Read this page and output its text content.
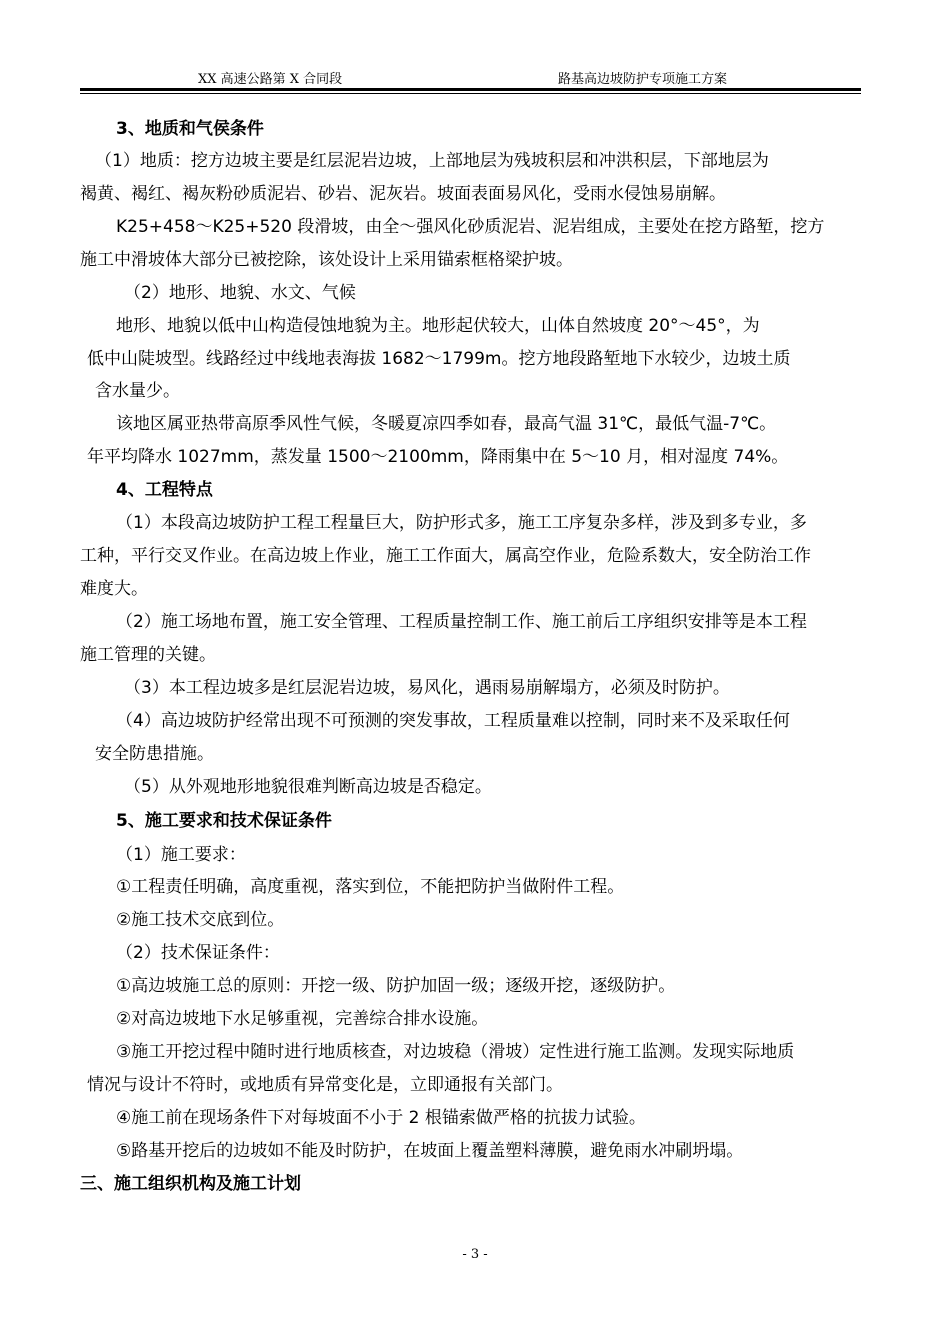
XX 高速公路第 X 合同段	路基高边坡防护专项施工方案
3、地质和气侯条件
（1）地质：挖方边坡主要是红层泥岩边坡，上部地层为残坡积层和冲洪积层，下部地层为
褐黄、褐红、褐灰粉砂质泥岩、砂岩、泥灰岩。坡面表面易风化，受雨水侵蚀易崩解。
K25+458～K25+520 段滑坡，由全～强风化砂质泥岩、泥岩组成，主要处在挖方路堑，挖方
施工中滑坡体大部分已被挖除，该处设计上采用锚索框格梁护坡。
（2）地形、地貌、水文、气候
地形、地貌以低中山构造侵蚀地貌为主。地形起伏较大，山体自然坡度 20°～45°，为
低中山陡坡型。线路经过中线地表海拔 1682～1799m。挖方地段路堑地下水较少，边坡土质
含水量少。
该地区属亚热带高原季风性气候，冬暖夏凉四季如春，最高气温 31℃，最低气温-7℃。
年平均降水 1027mm，蒸发量 1500～2100mm，降雨集中在 5～10 月，相对湿度 74%。
4、工程特点
（1）本段高边坡防护工程工程量巨大，防护形式多，施工工序复杂多样，涉及到多专业，多
工种，平行交叉作业。在高边坡上作业，施工工作面大，属高空作业，危险系数大，安全防治工作
难度大。
（2）施工场地布置，施工安全管理、工程质量控制工作、施工前后工序组织安排等是本工程
施工管理的关键。
（3）本工程边坡多是红层泥岩边坡，易风化，遇雨易崩解塌方，必须及时防护。
（4）高边坡防护经常出现不可预测的突发事故，工程质量难以控制，同时来不及采取任何
安全防患措施。
（5）从外观地形地貌很难判断高边坡是否稳定。
5、施工要求和技术保证条件
（1）施工要求：
①工程责任明确，高度重视，落实到位，不能把防护当做附件工程。
②施工技术交底到位。
（2）技术保证条件：
①高边坡施工总的原则：开挖一级、防护加固一级；逐级开挖，逐级防护。
②对高边坡地下水足够重视，完善综合排水设施。
③施工开挖过程中随时进行地质核查，对边坡稳（滑坡）定性进行施工监测。发现实际地质
情况与设计不符时，或地质有异常变化是，立即通报有关部门。
④施工前在现场条件下对每坡面不小于 2 根锚索做严格的抗拔力试验。
⑤路基开挖后的边坡如不能及时防护，在坡面上覆盖塑料薄膜，避免雨水冲刷坍塌。
三、施工组织机构及施工计划
- 3 -
